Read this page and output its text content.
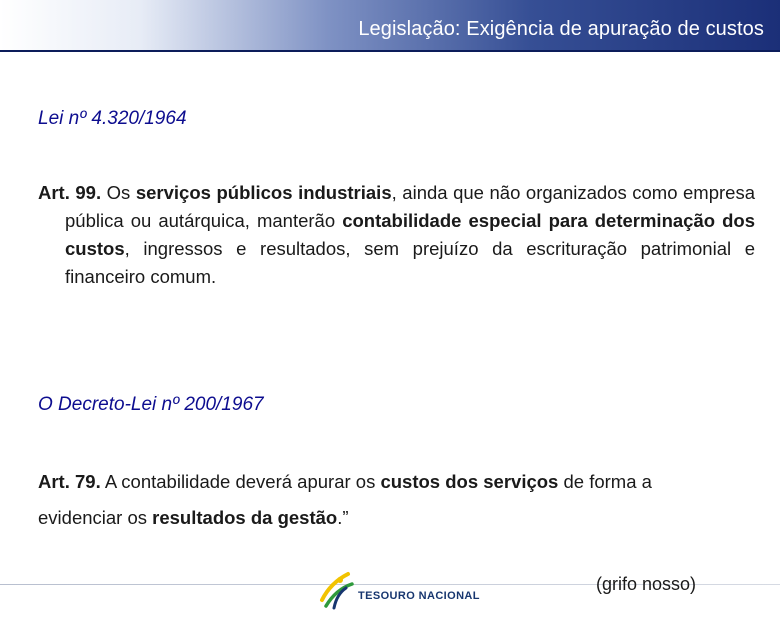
Legislação: Exigência de apuração de custos
Lei nº 4.320/1964
Art. 99. Os serviços públicos industriais, ainda que não organizados como empresa pública ou autárquica, manterão contabilidade especial para determinação dos custos, ingressos e resultados, sem prejuízo da escrituração patrimonial e financeiro comum.
O Decreto-Lei nº 200/1967
Art. 79. A contabilidade deverá apurar os custos dos serviços de forma a evidenciar os resultados da gestão.”
TESOURO NACIONAL
(grifo nosso)
